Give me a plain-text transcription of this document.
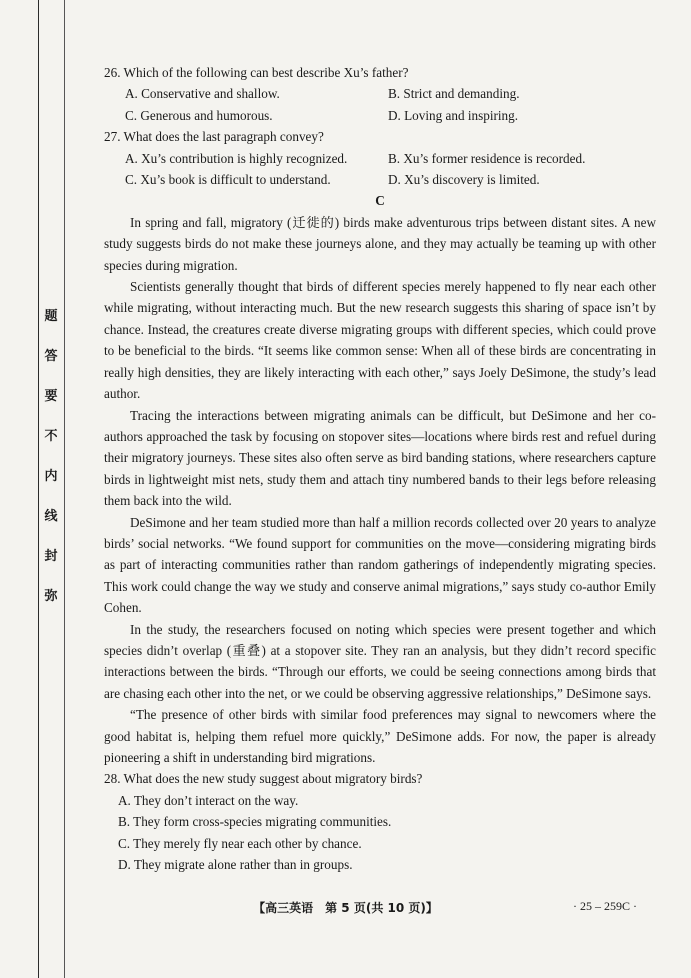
题
答
要
不
内
线
封
弥

26. Which of the following can best describe Xu’s father?

A. Conservative and shallow.	B. Strict and demanding.
C. Generous and humorous.	D. Loving and inspiring.

27. What does the last paragraph convey?

A. Xu’s contribution is highly recognized.	B. Xu’s former residence is recorded.
C. Xu’s book is difficult to understand.	D. Xu’s discovery is limited.

C

In spring and fall, migratory (迁徙的) birds make adventurous trips between distant sites. A new study suggests birds do not make these journeys alone, and they may actually be teaming up with other species during migration.

Scientists generally thought that birds of different species merely happened to fly near each other while migrating, without interacting much. But the new research suggests this sharing of space isn’t by chance. Instead, the creatures create diverse migrating groups with different species, which could prove to be beneficial to the birds. “It seems like common sense: When all of these birds are concentrating in really high densities, they are likely interacting with each other,” says Joely DeSimone, the study’s lead author.

Tracing the interactions between migrating animals can be difficult, but DeSimone and her co-authors approached the task by focusing on stopover sites—locations where birds rest and refuel during their migratory journeys. These sites also often serve as bird banding stations, where researchers capture birds in lightweight mist nets, study them and attach tiny numbered bands to their legs before releasing them back into the wild.

DeSimone and her team studied more than half a million records collected over 20 years to analyze birds’ social networks. “We found support for communities on the move—considering migrating birds as part of interacting communities rather than random gatherings of independently migrating species. This work could change the way we study and conserve animal migrations,” says study co-author Emily Cohen.

In the study, the researchers focused on noting which species were present together and which species didn’t overlap (重叠) at a stopover site. They ran an analysis, but they didn’t record specific interactions between the birds. “Through our efforts, we could be seeing connections among birds that are chasing each other into the net, or we could be observing aggressive relationships,” DeSimone says.

“The presence of other birds with similar food preferences may signal to newcomers where the good habitat is, helping them refuel more quickly,” DeSimone adds. For now, the paper is already pioneering a shift in understanding bird migrations.

28. What does the new study suggest about migratory birds?

A. They don’t interact on the way.
B. They form cross-species migrating communities.
C. They merely fly near each other by chance.
D. They migrate alone rather than in groups.
【高三英语　第 5 页(共 10 页)】	· 25 – 259C ·
